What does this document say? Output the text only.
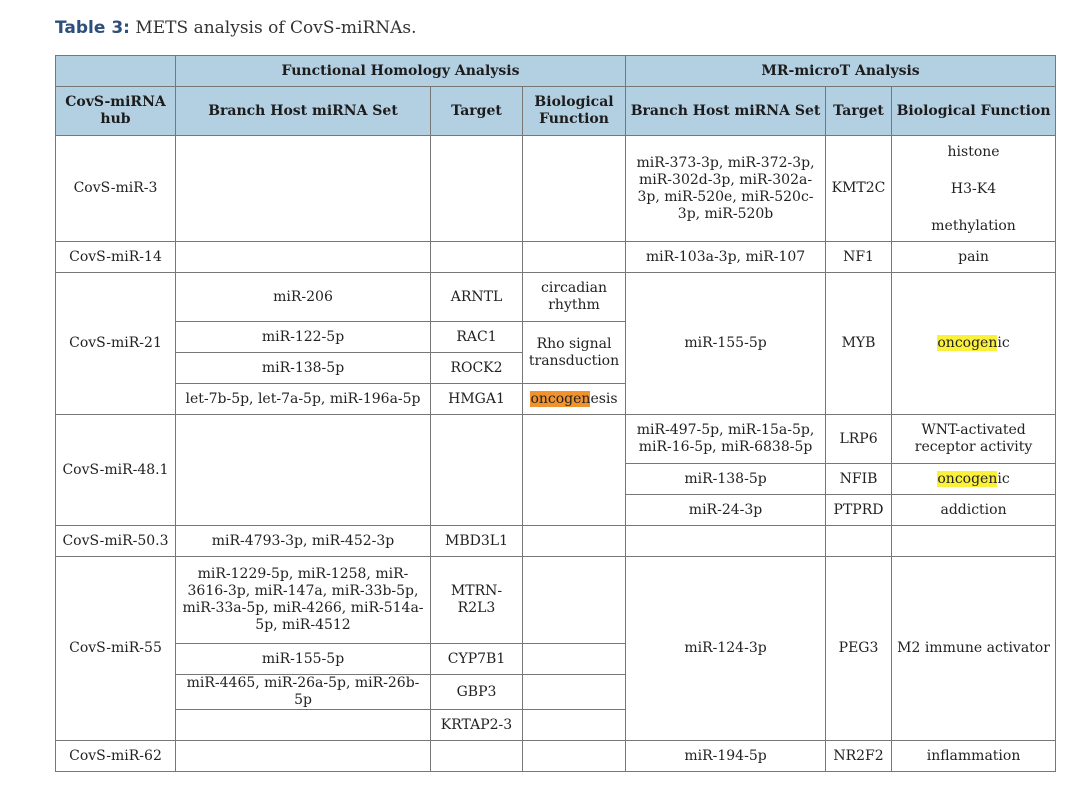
Table 3: METS analysis of CovS-miRNAs.
	Functional Homology Analysis			MR-microT Analysis		
CovS-miRNA hub	Branch Host miRNA Set	Target	Biological Function	Branch Host miRNA Set	Target	Biological Function
CovS-miR-3				miR-373-3p, miR-372-3p, miR-302d-3p, miR-302a-3p, miR-520e, miR-520c-3p, miR-520b	KMT2C	histone
H3-K4
methylation

CovS-miR-14				miR-103a-3p, miR-107	NF1	pain
CovS-miR-21	miR-206	ARNTL	circadian rhythm	miR-155-5p	MYB	oncogenic
	miR-122-5p	RAC1	Rho signal transduction			
	miR-138-5p	ROCK2				
	let-7b-5p, let-7a-5p, miR-196a-5p	HMGA1	oncogenesis			
CovS-miR-48.1				miR-497-5p, miR-15a-5p, miR-16-5p, miR-6838-5p	LRP6	WNT-activated receptor activity
				miR-138-5p	NFIB	oncogenic
				miR-24-3p	PTPRD	addiction
CovS-miR-50.3	miR-4793-3p, miR-452-3p	MBD3L1				
CovS-miR-55	miR-1229-5p, miR-1258, miR-3616-3p, miR-147a, miR-33b-5p, miR-33a-5p, miR-4266, miR-514a-5p, miR-4512	MTRN-R2L3		miR-124-3p	PEG3	M2 immune activator
	miR-155-5p	CYP7B1				
	miR-4465, miR-26a-5p, miR-26b-5p	GBP3				
		KRTAP2-3				
CovS-miR-62				miR-194-5p	NR2F2	inflammation
